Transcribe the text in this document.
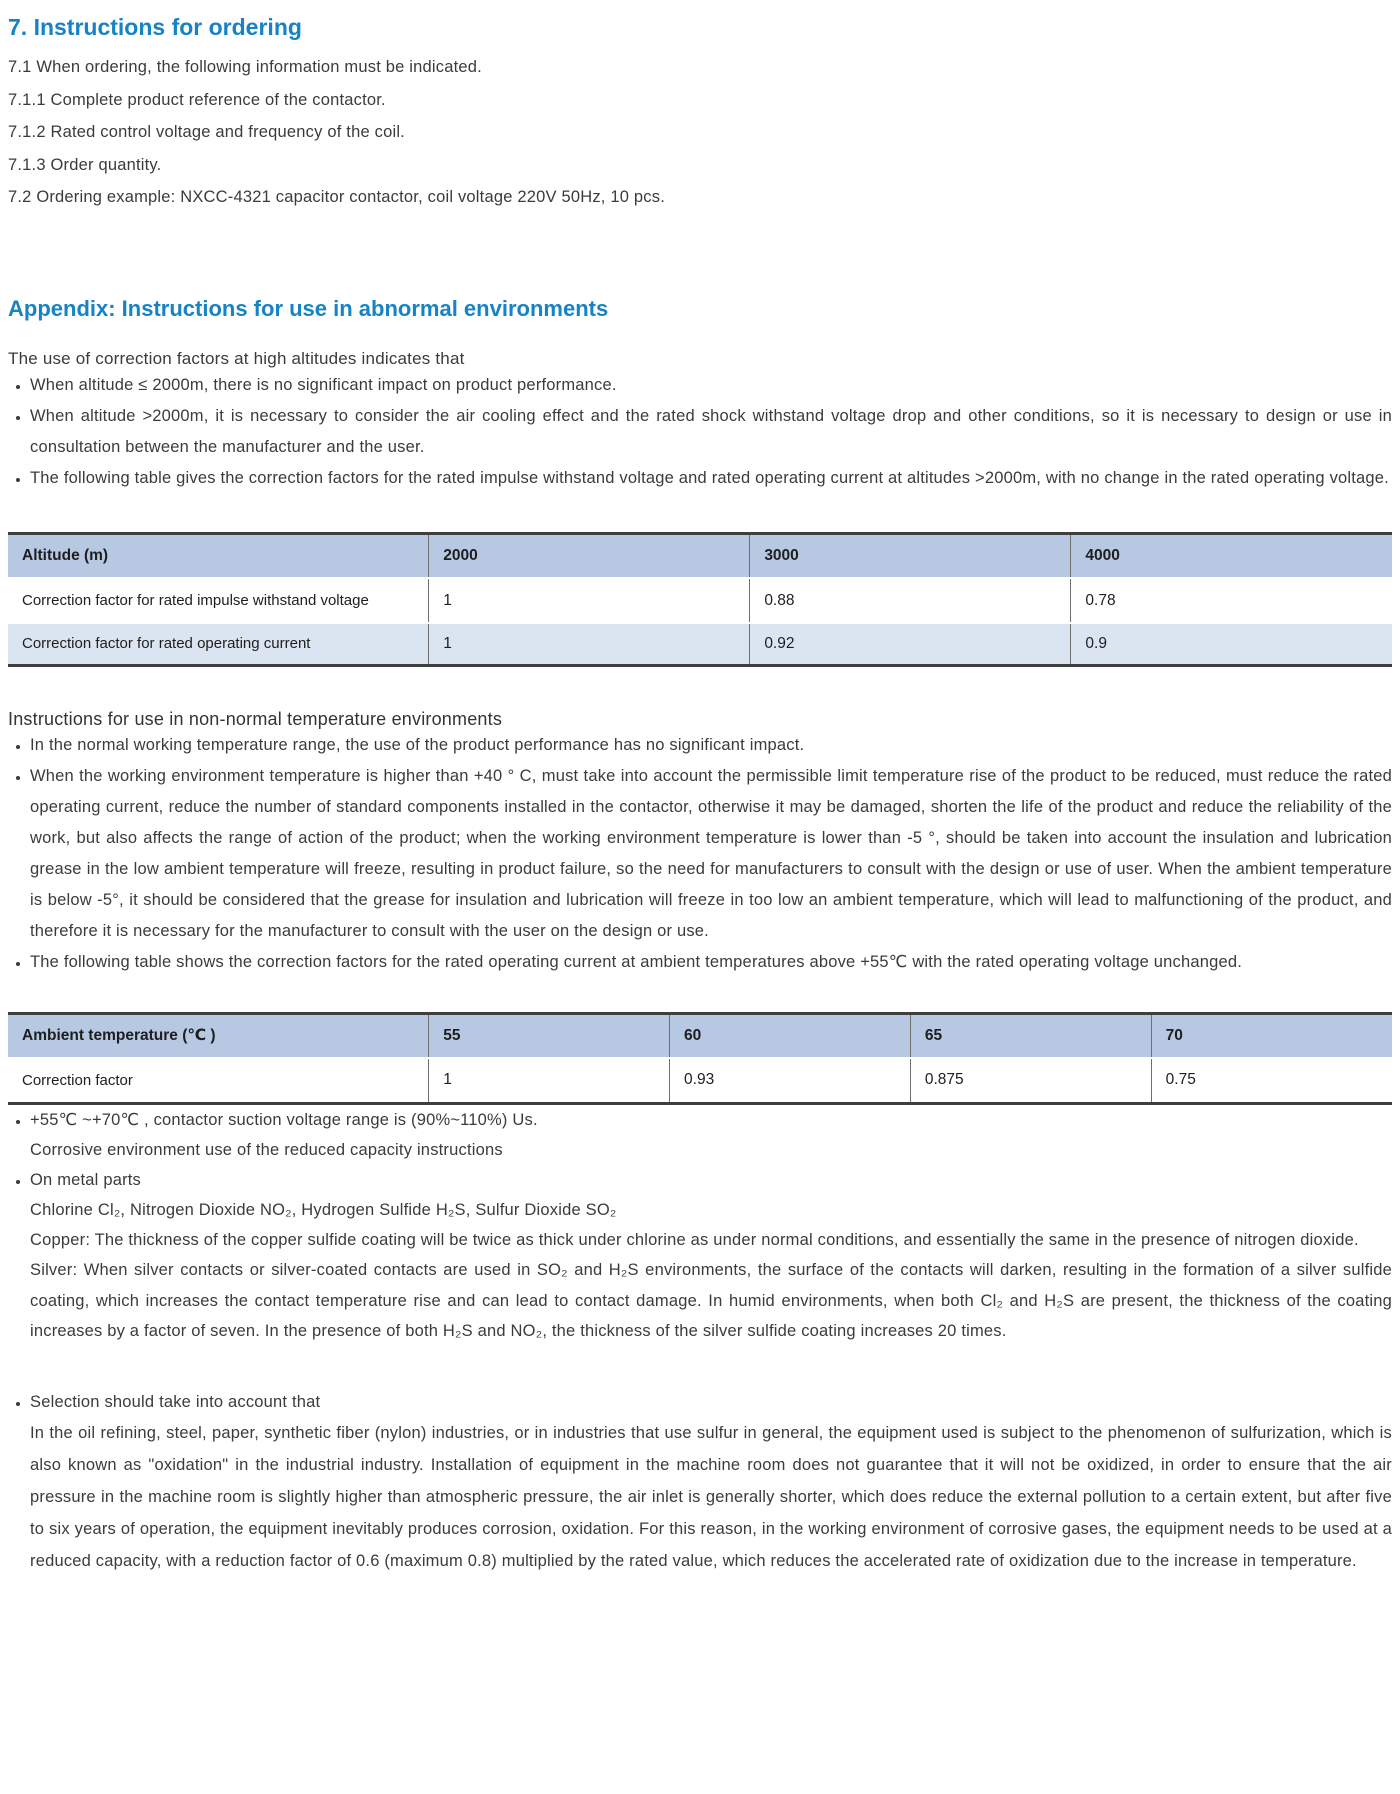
7. Instructions for ordering

7.1 When ordering, the following information must be indicated.

7.1.1 Complete product reference of the contactor.

7.1.2 Rated control voltage and frequency of the coil.

7.1.3 Order quantity.

7.2 Ordering example: NXCC-4321 capacitor contactor, coil voltage 220V 50Hz, 10 pcs.

Appendix: Instructions for use in abnormal environments

The use of correction factors at high altitudes indicates that

• When altitude ≤ 2000m, there is no significant impact on product performance.
• When altitude >2000m, it is necessary to consider the air cooling effect and the rated shock withstand voltage drop and other conditions, so it is necessary to design or use in consultation between the manufacturer and the user.
• The following table gives the correction factors for the rated impulse withstand voltage and rated operating current at altitudes >2000m, with no change in the rated operating voltage.
Altitude (m)	2000	3000	4000
Correction factor for rated impulse withstand voltage	1	0.88	0.78
Correction factor for rated operating current	1	0.92	0.9
Instructions for use in non-normal temperature environments
• In the normal working temperature range, the use of the product performance has no significant impact.
• When the working environment temperature is higher than +40 ° C, must take into account the permissible limit temperature rise of the product to be reduced, must reduce the rated operating current, reduce the number of standard components installed in the contactor, otherwise it may be damaged, shorten the life of the product and reduce the reliability of the work, but also affects the range of action of the product; when the working environment temperature is lower than -5 °, should be taken into account the insulation and lubrication grease in the low ambient temperature will freeze, resulting in product failure, so the need for manufacturers to consult with the design or use of user. When the ambient temperature is below -5°, it should be considered that the grease for insulation and lubrication will freeze in too low an ambient temperature, which will lead to malfunctioning of the product, and therefore it is necessary for the manufacturer to consult with the user on the design or use.
• The following table shows the correction factors for the rated operating current at ambient temperatures above +55℃ with the rated operating voltage unchanged.
Ambient temperature (℃ )	55	60	65	70
Correction factor	1	0.93	0.875	0.75

• +55℃ ~+70℃ , contactor suction voltage range is (90%~110%) Us.

Corrosive environment use of the reduced capacity instructions

• On metal parts

Chlorine Cl₂, Nitrogen Dioxide NO₂, Hydrogen Sulfide H₂S, Sulfur Dioxide SO₂

Copper: The thickness of the copper sulfide coating will be twice as thick under chlorine as under normal conditions, and essentially the same in the presence of nitrogen dioxide.

Silver: When silver contacts or silver-coated contacts are used in SO₂ and H₂S environments, the surface of the contacts will darken, resulting in the formation of a silver sulfide coating, which increases the contact temperature rise and can lead to contact damage. In humid environments, when both Cl₂ and H₂S are present, the thickness of the coating increases by a factor of seven. In the presence of both H₂S and NO₂, the thickness of the silver sulfide coating increases 20 times.

• Selection should take into account that

In the oil refining, steel, paper, synthetic fiber (nylon) industries, or in industries that use sulfur in general, the equipment used is subject to the phenomenon of sulfurization, which is also known as "oxidation" in the industrial industry. Installation of equipment in the machine room does not guarantee that it will not be oxidized, in order to ensure that the air pressure in the machine room is slightly higher than atmospheric pressure, the air inlet is generally shorter, which does reduce the external pollution to a certain extent, but after five to six years of operation, the equipment inevitably produces corrosion, oxidation. For this reason, in the working environment of corrosive gases, the equipment needs to be used at a reduced capacity, with a reduction factor of 0.6 (maximum 0.8) multiplied by the rated value, which reduces the accelerated rate of oxidization due to the increase in temperature.
